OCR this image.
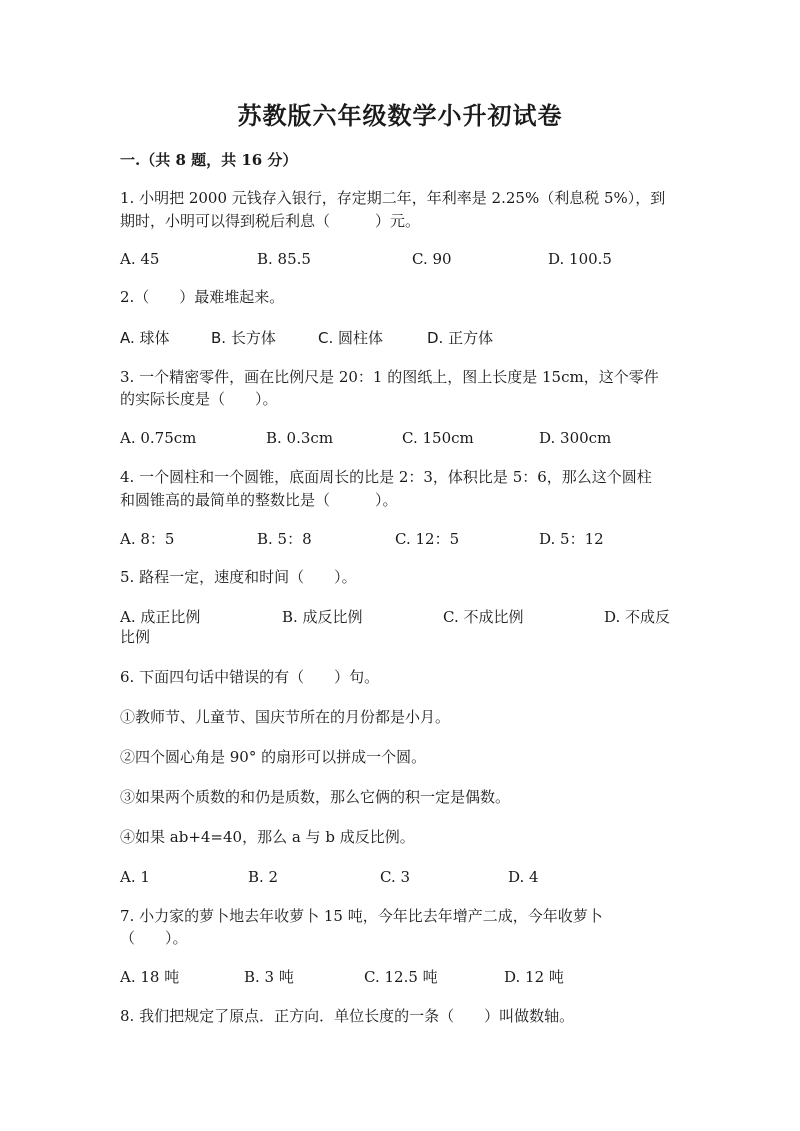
苏教版六年级数学小升初试卷
一.（共 8 题，共 16 分）
1. 小明把 2000 元钱存入银行，存定期二年，年利率是 2.25%（利息税 5%），到
期时，小明可以得到税后利息（　　　）元。
A. 45	B. 85.5	C. 90	D. 100.5
2.（　　）最难堆起来。
A. 球体	B. 长方体	C. 圆柱体	D. 正方体
3. 一个精密零件，画在比例尺是 20：1 的图纸上，图上长度是 15cm，这个零件
的实际长度是（　　）。
A. 0.75cm	B. 0.3cm	C. 150cm	D. 300cm
4. 一个圆柱和一个圆锥，底面周长的比是 2：3，体积比是 5：6，那么这个圆柱
和圆锥高的最简单的整数比是（　　　）。
A. 8：5	B. 5：8	C. 12：5	D. 5：12
5. 路程一定，速度和时间（　　）。
A. 成正比例	B. 成反比例	C. 不成比例	D. 不成反
比例
6. 下面四句话中错误的有（　　）句。
①教师节、儿童节、国庆节所在的月份都是小月。
②四个圆心角是 90° 的扇形可以拼成一个圆。
③如果两个质数的和仍是质数，那么它俩的积一定是偶数。
④如果 ab+4=40，那么 a 与 b 成反比例。
A. 1	B. 2	C. 3	D. 4
7. 小力家的萝卜地去年收萝卜 15 吨，今年比去年增产二成，今年收萝卜
（　　）。
A. 18 吨	B. 3 吨	C. 12.5 吨	D. 12 吨
8. 我们把规定了原点．正方向．单位长度的一条（　　）叫做数轴。
